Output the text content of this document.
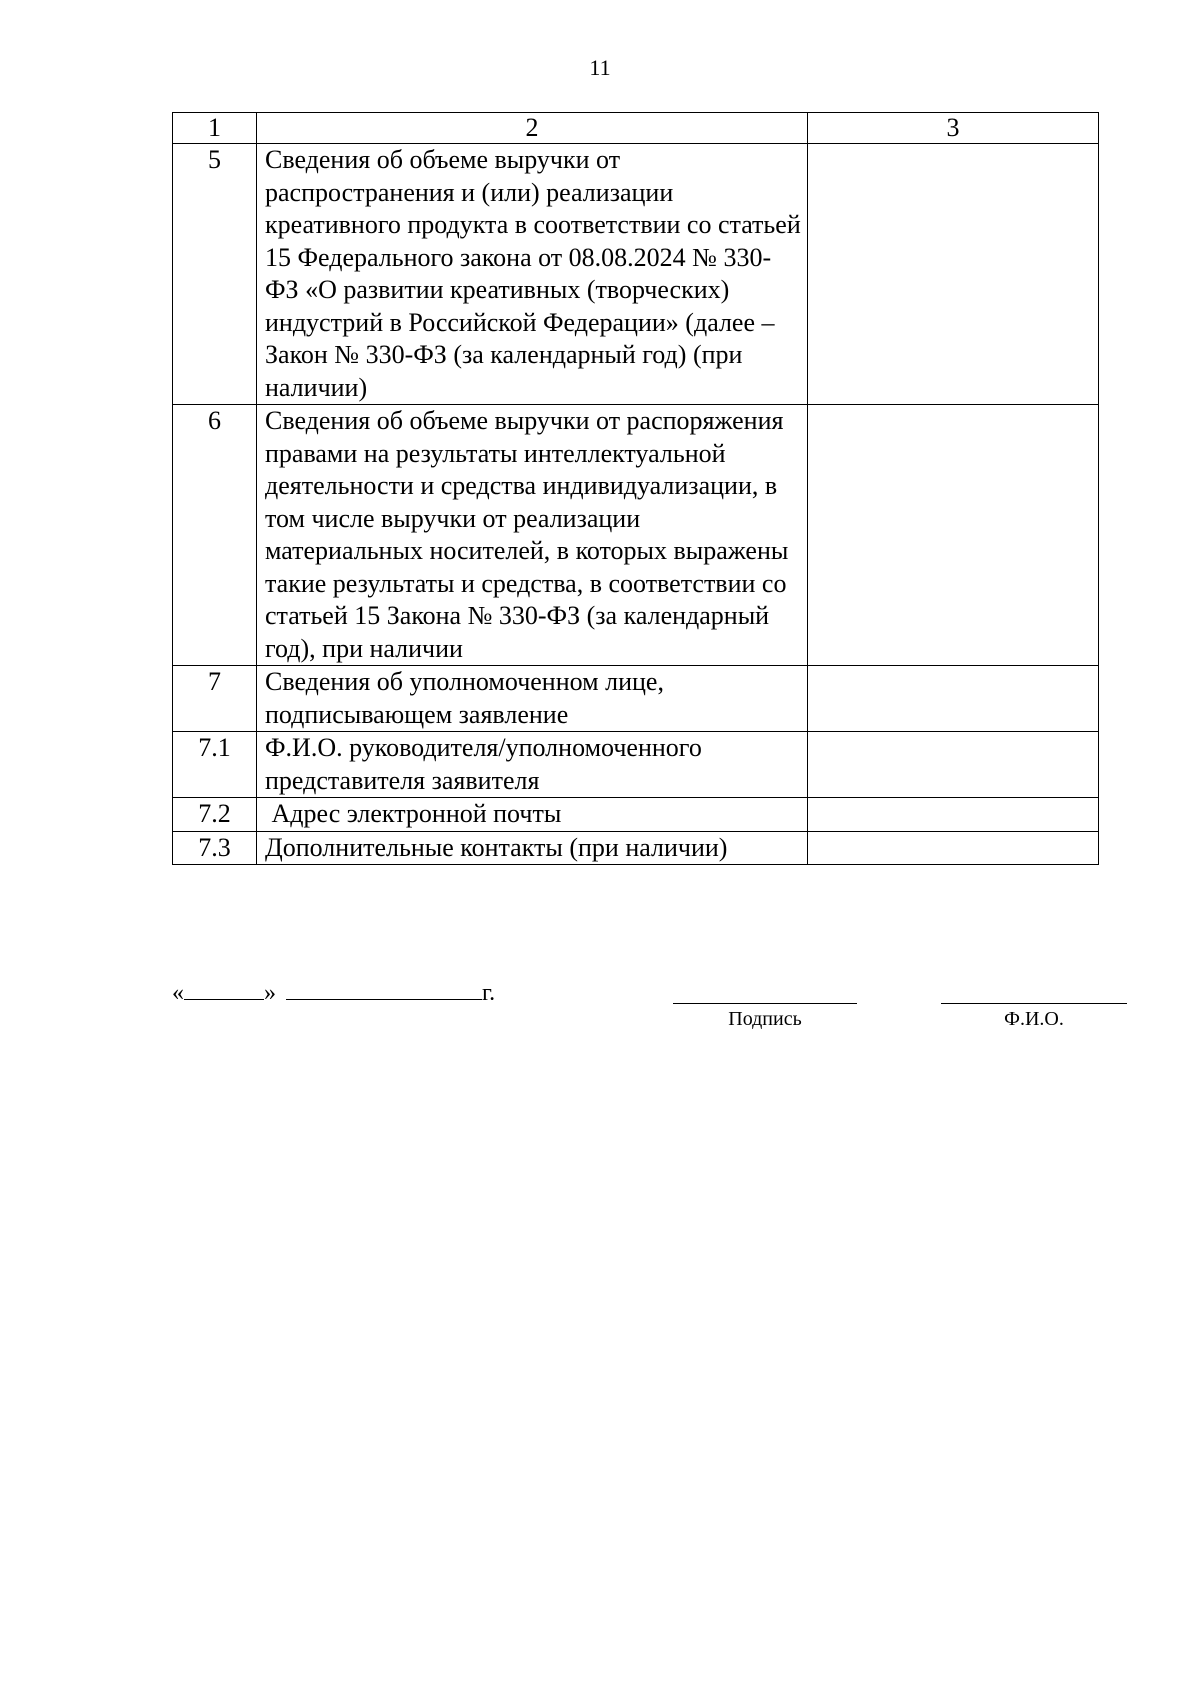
11
1	2	3
5	Сведения об объеме выручки от распространения и (или) реализации креативного продукта в соответствии со статьей 15 Федерального закона от 08.08.2024 № 330-ФЗ «О развитии креативных (творческих) индустрий в Российской Федерации» (далее – Закон № 330-ФЗ (за календарный год) (при наличии)	
6	Сведения об объеме выручки от распоряжения правами на результаты интеллектуальной деятельности и средства индивидуализации, в том числе выручки от реализации материальных носителей, в которых выражены такие результаты и средства, в соответствии со статьей 15 Закона № 330-ФЗ (за календарный год), при наличии	
7	Сведения об уполномоченном лице, подписывающем заявление	
7.1	Ф.И.О. руководителя/уполномоченного представителя заявителя	
7.2	Адрес электронной почты	
7.3	Дополнительные контакты (при наличии)	
«	»	г.
Подпись	Ф.И.О.
